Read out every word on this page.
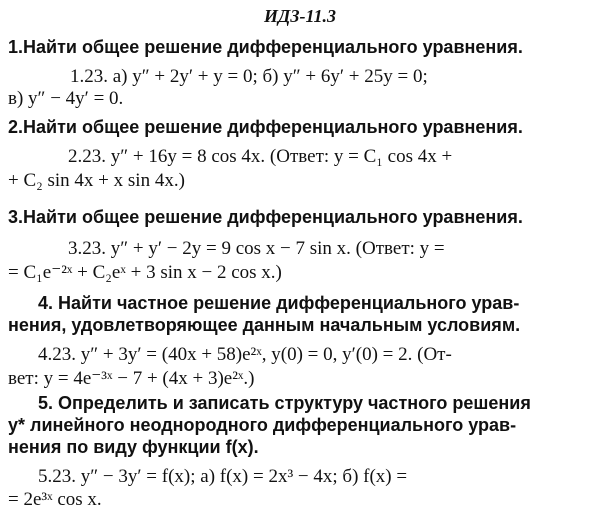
ИДЗ-11.3
1.Найти общее решение дифференциального уравнения.
1.23. а) y″ + 2y′ + y = 0; б) y″ + 6y′ + 25y = 0;
в) y″ − 4y′ = 0.
2.Найти общее решение дифференциального уравнения.
2.23. y″ + 16y = 8 cos 4x. (Ответ: y = C₁ cos 4x +
+ C₂ sin 4x + x sin 4x.)
3.Найти общее решение дифференциального уравнения.
3.23. y″ + y′ − 2y = 9 cos x − 7 sin x. (Ответ: y =
= C₁e⁻²ˣ + C₂eˣ + 3 sin x − 2 cos x.)
4. Найти частное решение дифференциального урав-
нения, удовлетворяющее данным начальным условиям.
4.23. y″ + 3y′ = (40x + 58)e²ˣ, y(0) = 0, y′(0) = 2. (От-
вет: y = 4e⁻³ˣ − 7 + (4x + 3)e²ˣ.)
5. Определить и записать структуру частного решения
y* линейного неоднородного дифференциального урав-
нения по виду функции f(x).
5.23. y″ − 3y′ = f(x); а) f(x) = 2x³ − 4x; б) f(x) =
= 2e³ˣ cos x.
